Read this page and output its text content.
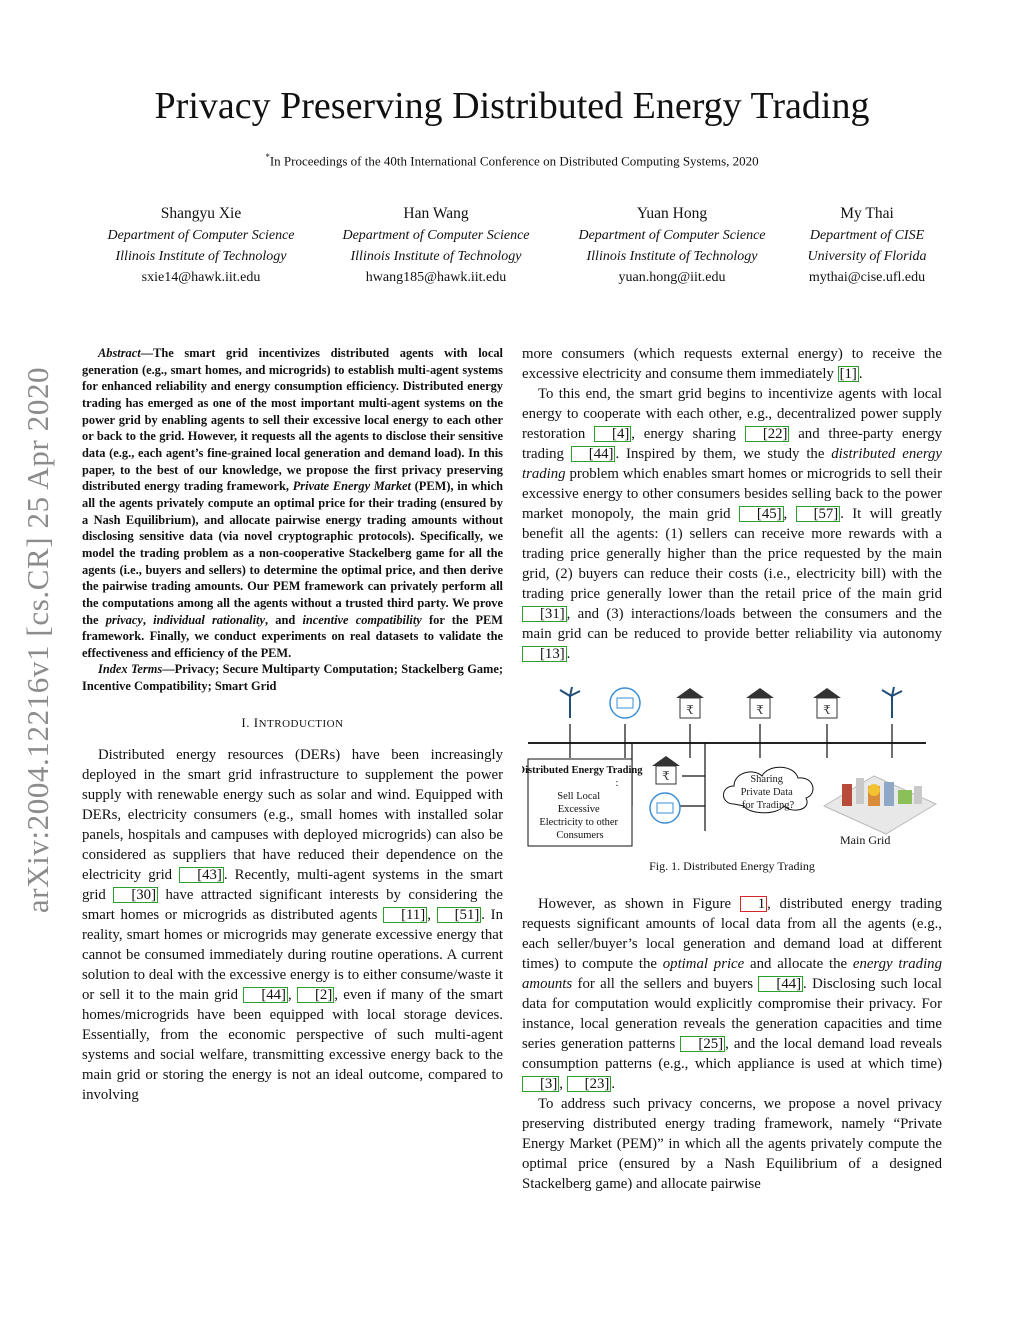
arXiv:2004.12216v1 [cs.CR] 25 Apr 2020
Privacy Preserving Distributed Energy Trading
*In Proceedings of the 40th International Conference on Distributed Computing Systems, 2020
Shangyu Xie
Department of Computer Science
Illinois Institute of Technology
sxie14@hawk.iit.edu
Han Wang
Department of Computer Science
Illinois Institute of Technology
hwang185@hawk.iit.edu
Yuan Hong
Department of Computer Science
Illinois Institute of Technology
yuan.hong@iit.edu
My Thai
Department of CISE
University of Florida
mythai@cise.ufl.edu

Abstract—The smart grid incentivizes distributed agents with local generation (e.g., smart homes, and microgrids) to establish multi-agent systems for enhanced reliability and energy consumption efficiency. Distributed energy trading has emerged as one of the most important multi-agent systems on the power grid by enabling agents to sell their excessive local energy to each other or back to the grid. However, it requests all the agents to disclose their sensitive data (e.g., each agent’s fine-grained local generation and demand load). In this paper, to the best of our knowledge, we propose the first privacy preserving distributed energy trading framework, Private Energy Market (PEM), in which all the agents privately compute an optimal price for their trading (ensured by a Nash Equilibrium), and allocate pairwise energy trading amounts without disclosing sensitive data (via novel cryptographic protocols). Specifically, we model the trading problem as a non-cooperative Stackelberg game for all the agents (i.e., buyers and sellers) to determine the optimal price, and then derive the pairwise trading amounts. Our PEM framework can privately perform all the computations among all the agents without a trusted third party. We prove the privacy, individual rationality, and incentive compatibility for the PEM framework. Finally, we conduct experiments on real datasets to validate the effectiveness and efficiency of the PEM.

Index Terms—Privacy; Secure Multiparty Computation; Stackelberg Game; Incentive Compatibility; Smart Grid

I. INTRODUCTION

Distributed energy resources (DERs) have been increasingly deployed in the smart grid infrastructure to supplement the power supply with renewable energy such as solar and wind. Equipped with DERs, electricity consumers (e.g., small homes with installed solar panels, hospitals and campuses with deployed microgrids) can also be considered as suppliers that have reduced their dependence on the electricity grid [43] . Recently, multi-agent systems in the smart grid [30] have attracted significant interests by considering the smart homes or microgrids as distributed agents [11] , [51] . In reality, smart homes or microgrids may generate excessive energy that cannot be consumed immediately during routine operations. A current solution to deal with the excessive energy is to either consume/waste it or sell it to the main grid [44] , [2] , even if many of the smart homes/microgrids have been equipped with local storage devices. Essentially, from the economic perspective of such multi-agent systems and social welfare, transmitting excessive energy back to the main grid or storing the energy is not an ideal outcome, compared to involving

more consumers (which requests external energy) to receive the excessive electricity and consume them immediately [1] .

To this end, the smart grid begins to incentivize agents with local energy to cooperate with each other, e.g., decentralized power supply restoration [4] , energy sharing [22] and three-party energy trading [44] . Inspired by them, we study the distributed energy trading problem which enables smart homes or microgrids to sell their excessive energy to other consumers besides selling back to the power market monopoly, the main grid [45] , [57] . It will greatly benefit all the agents: (1) sellers can receive more rewards with a trading price generally higher than the price requested by the main grid, (2) buyers can reduce their costs (i.e., electricity bill) with the trading price generally lower than the retail price of the main grid [31] , and (3) interactions/loads between the consumers and the main grid can be reduced to provide better reliability via autonomy [13] .

₹	₹	₹
₹
Distributed Energy Trading
Sell Local Excessive Electricity to other Consumers
:	Sharing Private Data for Trading?
Main Grid
Fig. 1. Distributed Energy Trading

However, as shown in Figure 1 , distributed energy trading requests significant amounts of local data from all the agents (e.g., each seller/buyer’s local generation and demand load at different times) to compute the optimal price and allocate the energy trading amounts for all the sellers and buyers [44] . Disclosing such local data for computation would explicitly compromise their privacy. For instance, local generation reveals the generation capacities and time series generation patterns [25] , and the local demand load reveals consumption patterns (e.g., which appliance is used at which time) [3] , [23] .

To address such privacy concerns, we propose a novel privacy preserving distributed energy trading framework, namely “Private Energy Market (PEM)” in which all the agents privately compute the optimal price (ensured by a Nash Equilibrium of a designed Stackelberg game) and allocate pairwise
